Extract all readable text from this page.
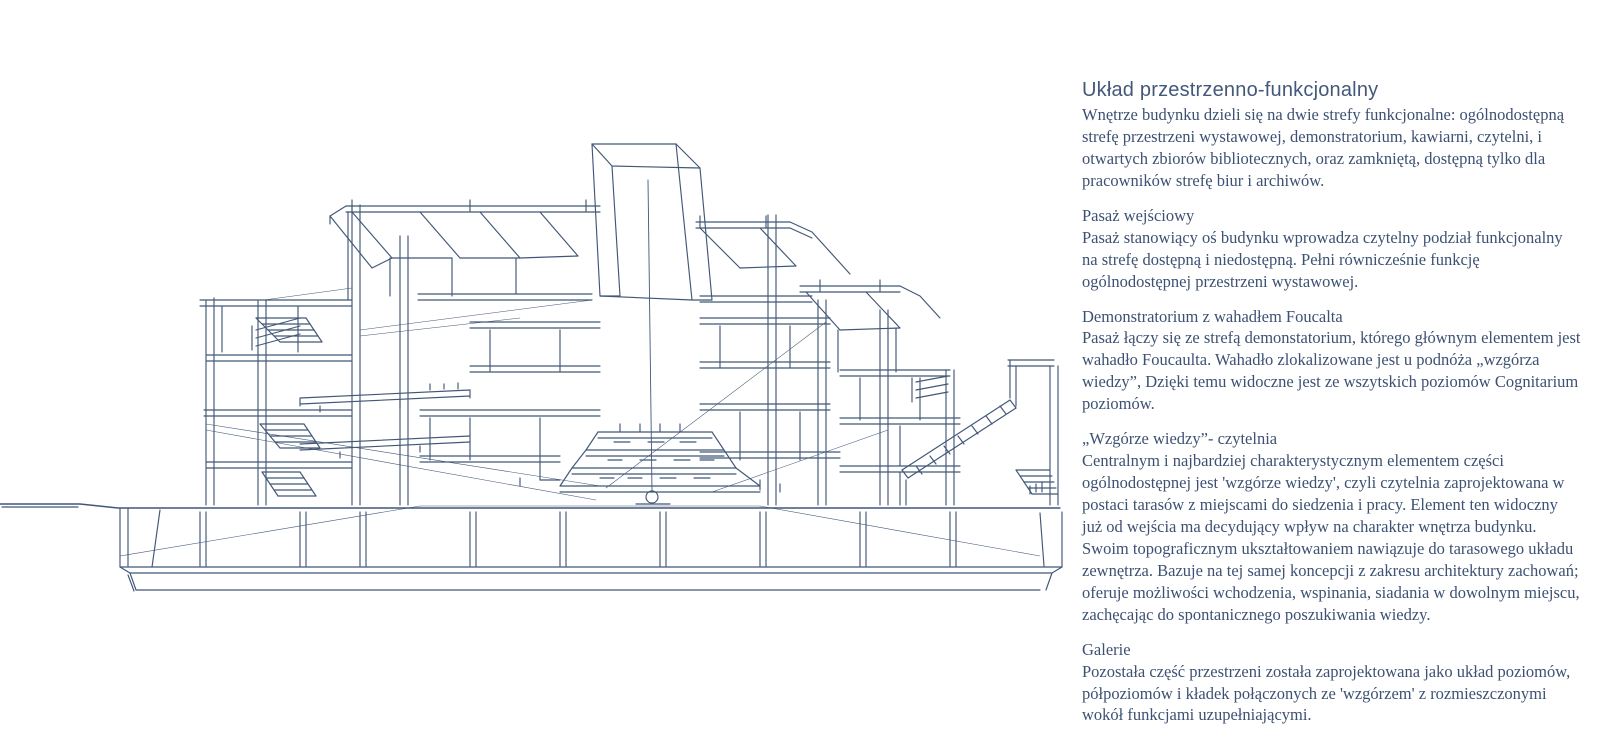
Układ przestrzenno-funkcjonalny

Wnętrze budynku dzieli się na dwie strefy funkcjonalne: ogólnodostępną strefę przestrzeni wystawowej, demonstratorium, kawiarni, czytelni, i otwartych zbiorów bibliotecznych, oraz zamkniętą, dostępną tylko dla pracowników strefę biur i archiwów.

Pasaż wejściowy
Pasaż stanowiący oś budynku wprowadza czytelny podział funkcjonalny na strefę dostępną i niedostępną. Pełni równicześnie funkcję ogólnodostępnej przestrzeni wystawowej.
Demonstratorium z wahadłem Foucalta
Pasaż łączy się ze strefą demonstatorium, którego głównym elementem jest wahadło Foucaulta. Wahadło zlokalizowane jest u podnóża „wzgórza wiedzy”, Dzięki temu widoczne jest ze wszytskich poziomów Cognitarium poziomów.
„Wzgórze wiedzy”- czytelnia
Centralnym i najbardziej charakterystycznym elementem części ogólnodostępnej jest 'wzgórze wiedzy', czyli czytelnia zaprojektowana w postaci tarasów z miejscami do siedzenia i pracy. Element ten widoczny już od wejścia ma decydujący wpływ na charakter wnętrza budynku. Swoim topograficznym ukształtowaniem nawiązuje do tarasowego układu zewnętrza. Bazuje na tej samej koncepcji z zakresu architektury zachowań; oferuje możliwości wchodzenia, wspinania, siadania w dowolnym miejscu, zachęcając do spontanicznego poszukiwania wiedzy.
Galerie
Pozostała część przestrzeni została zaprojektowana jako układ poziomów, półpoziomów i kładek połączonych ze 'wzgórzem' z rozmieszczonymi wokół funkcjami uzupełniającymi.
